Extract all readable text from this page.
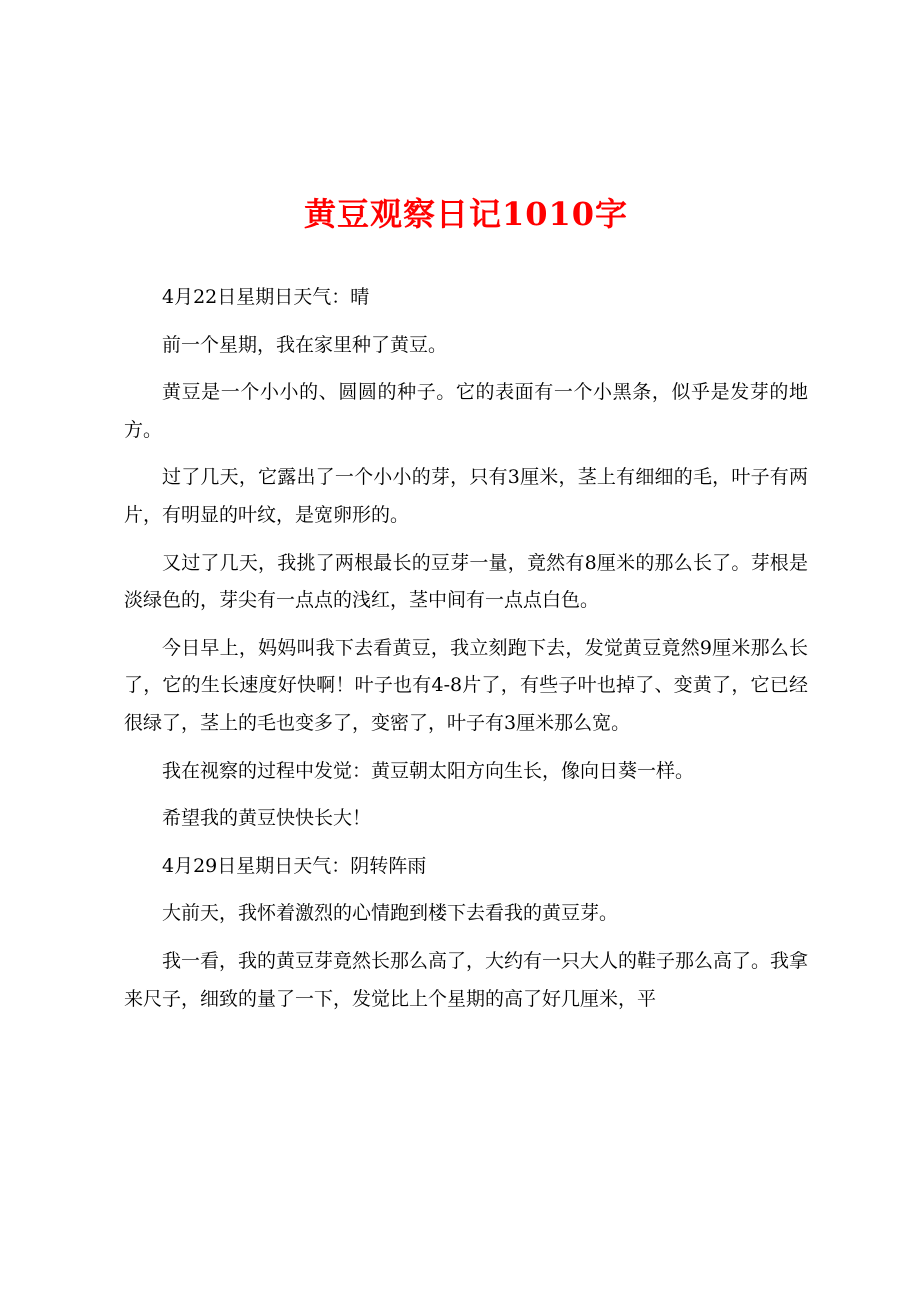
黄豆观察日记1010字

4月22日星期日天气：晴

前一个星期，我在家里种了黄豆。

黄豆是一个小小的、圆圆的种子。它的表面有一个小黑条，似乎是发芽的地方。

过了几天，它露出了一个小小的芽，只有3厘米，茎上有细细的毛，叶子有两片，有明显的叶纹，是宽卵形的。

又过了几天，我挑了两根最长的豆芽一量，竟然有8厘米的那么长了。芽根是淡绿色的，芽尖有一点点的浅红，茎中间有一点点白色。

今日早上，妈妈叫我下去看黄豆，我立刻跑下去，发觉黄豆竟然9厘米那么长了，它的生长速度好快啊！叶子也有4-8片了，有些子叶也掉了、变黄了，它已经很绿了，茎上的毛也变多了，变密了，叶子有3厘米那么宽。

我在视察的过程中发觉：黄豆朝太阳方向生长，像向日葵一样。

希望我的黄豆快快长大！

4月29日星期日天气：阴转阵雨

大前天，我怀着激烈的心情跑到楼下去看我的黄豆芽。

我一看，我的黄豆芽竟然长那么高了，大约有一只大人的鞋子那么高了。我拿来尺子，细致的量了一下，发觉比上个星期的高了好几厘米，平
